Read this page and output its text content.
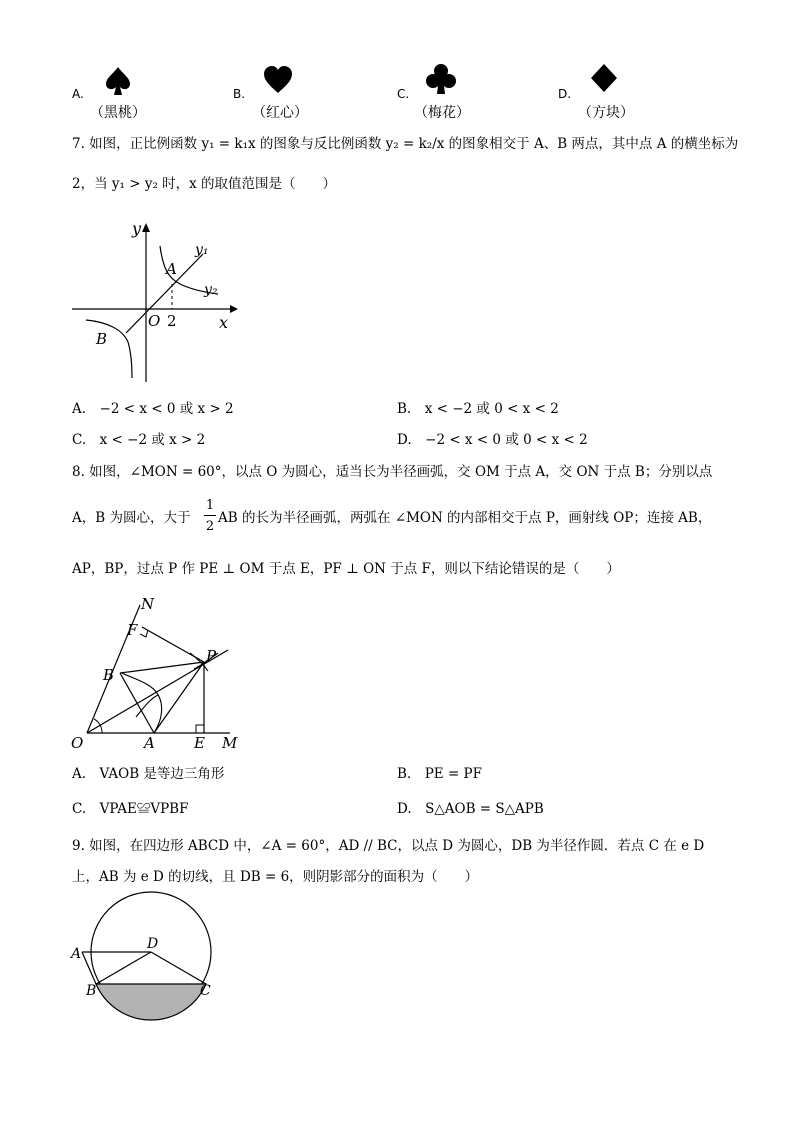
A.
（黑桃）
B.
（红心）
C.
（梅花）
D.
（方块）
7. 如图，正比例函数 y₁ = k₁x 的图象与反比例函数 y₂ = k₂/x 的图象相交于 A、B 两点，其中点 A 的横坐标为
2，当 y₁ > y₂ 时，x 的取值范围是（　　）
y
x
O 2
A
B
y₁
y₂
A.　−2 < x < 0 或 x > 2	B.　x < −2 或 0 < x < 2
C.　x < −2 或 x > 2	D.　−2 < x < 0 或 0 < x < 2
8. 如图，∠MON = 60°，以点 O 为圆心，适当长为半径画弧，交 OM 于点 A，交 ON 于点 B；分别以点
A，B 为圆心，大于
1
2
AB 的长为半径画弧，两弧在 ∠MON 的内部相交于点 P，画射线 OP；连接 AB，
AP，BP，过点 P 作 PE ⊥ OM 于点 E，PF ⊥ ON 于点 F，则以下结论错误的是（　　）
N
F
P
B
O	A	E M
A.　VAOB 是等边三角形	B.　PE = PF
C.　VPAE≌VPBF	D.　S△AOB = S△APB
9. 如图，在四边形 ABCD 中，∠A = 60°，AD // BC，以点 D 为圆心，DB 为半径作圆．若点 C 在 e D
上，AB 为 e D 的切线，且 DB = 6，则阴影部分的面积为（　　）
A
B	C
D
